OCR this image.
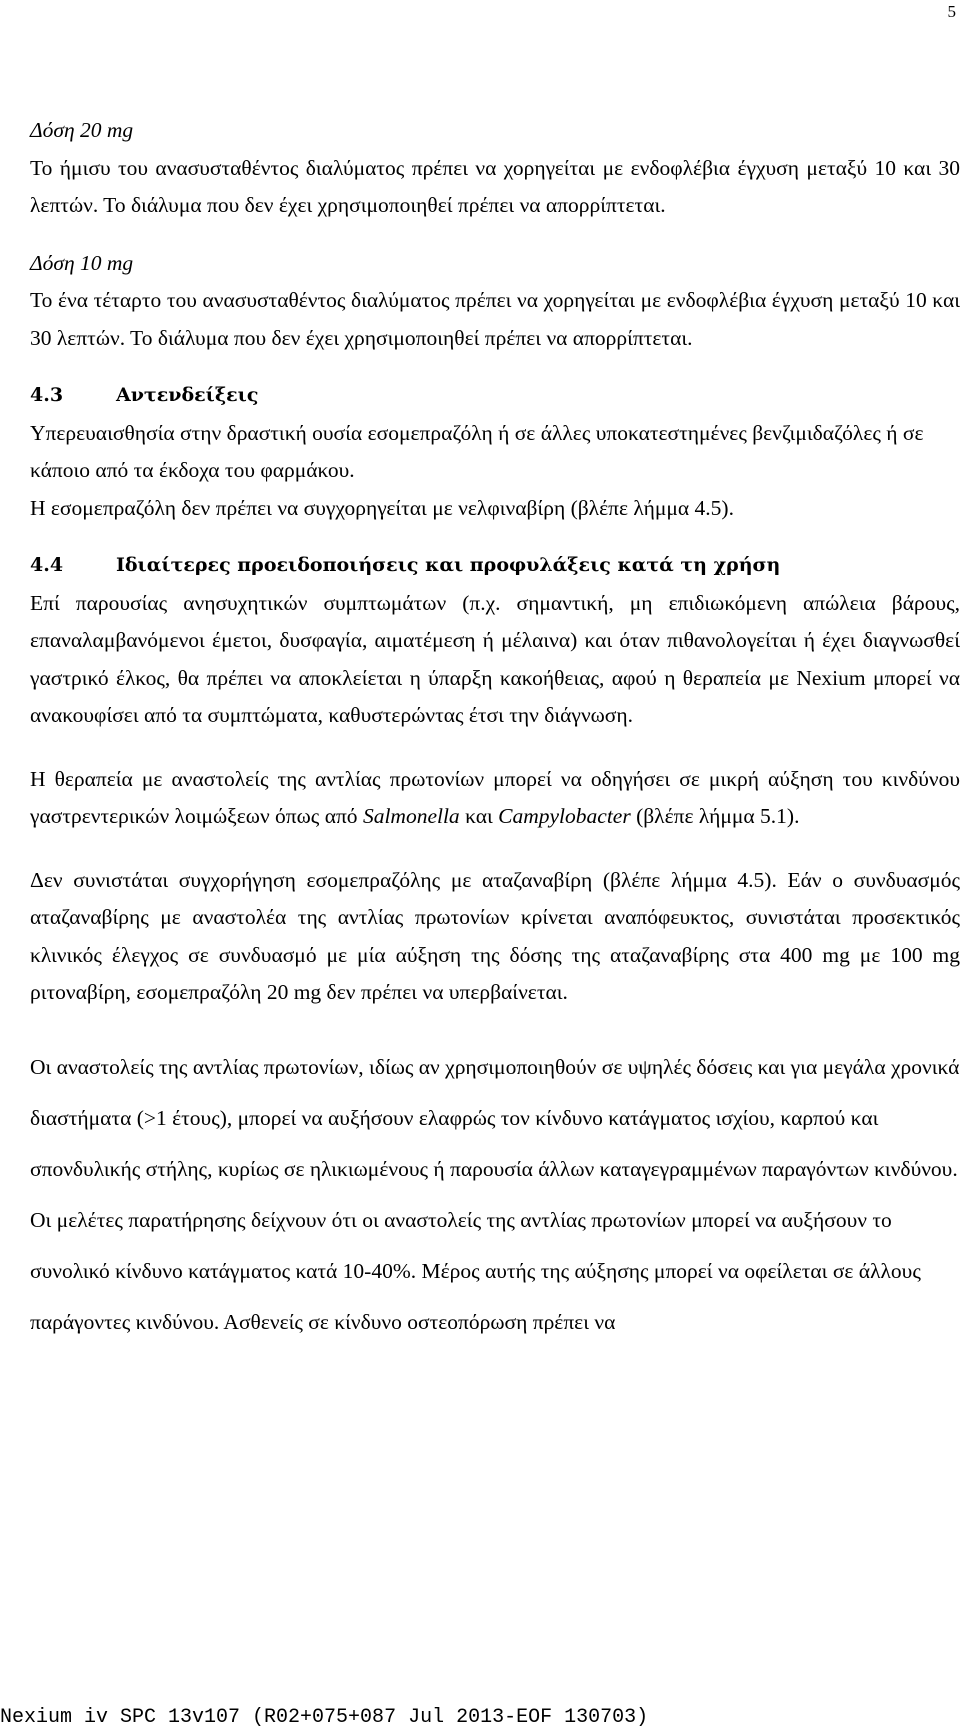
5

Δόση 20 mg

Το ήμισυ του ανασυσταθέντος διαλύματος πρέπει να χορηγείται με ενδοφλέβια έγχυση μεταξύ 10 και 30 λεπτών. Το διάλυμα που δεν έχει χρησιμοποιηθεί πρέπει να απορρίπτεται.

Δόση 10 mg

Το ένα τέταρτο του ανασυσταθέντος διαλύματος πρέπει να χορηγείται με ενδοφλέβια έγχυση μεταξύ 10 και 30 λεπτών. Το διάλυμα που δεν έχει χρησιμοποιηθεί πρέπει να απορρίπτεται.

4.3	Αντενδείξεις

Υπερευαισθησία στην δραστική ουσία εσομεπραζόλη ή σε άλλες υποκατεστημένες βενζιμιδαζόλες ή σε κάποιο από τα έκδοχα του φαρμάκου.

Η εσομεπραζόλη δεν πρέπει να συγχορηγείται με νελφιναβίρη (βλέπε λήμμα 4.5).

4.4	Ιδιαίτερες προειδοποιήσεις και προφυλάξεις κατά τη χρήση

Επί παρουσίας ανησυχητικών συμπτωμάτων (π.χ. σημαντική, μη επιδιωκόμενη απώλεια βάρους, επαναλαμβανόμενοι έμετοι, δυσφαγία, αιματέμεση ή μέλαινα) και όταν πιθανολογείται ή έχει διαγνωσθεί γαστρικό έλκος, θα πρέπει να αποκλείεται η ύπαρξη κακοήθειας, αφού η θεραπεία με Nexium μπορεί να ανακουφίσει από τα συμπτώματα, καθυστερώντας έτσι την διάγνωση.

Η θεραπεία με αναστολείς της αντλίας πρωτονίων μπορεί να οδηγήσει σε μικρή αύξηση του κινδύνου γαστρεντερικών λοιμώξεων όπως από Salmonella και Campylobacter (βλέπε λήμμα 5.1).

Δεν συνιστάται συγχορήγηση εσομεπραζόλης με αταζαναβίρη (βλέπε λήμμα 4.5). Εάν ο συνδυασμός αταζαναβίρης με αναστολέα της αντλίας πρωτονίων κρίνεται αναπόφευκτος, συνιστάται προσεκτικός κλινικός έλεγχος σε συνδυασμό με μία αύξηση της δόσης της αταζαναβίρης στα 400 mg με 100 mg ριτοναβίρη, εσομεπραζόλη 20 mg δεν πρέπει να υπερβαίνεται.

Οι αναστολείς της αντλίας πρωτονίων, ιδίως αν χρησιμοποιηθούν σε υψηλές δόσεις και για μεγάλα χρονικά διαστήματα (>1 έτους), μπορεί να αυξήσουν ελαφρώς τον κίνδυνο κατάγματος ισχίου, καρπού και σπονδυλικής στήλης, κυρίως σε ηλικιωμένους ή παρουσία άλλων καταγεγραμμένων παραγόντων κινδύνου. Οι μελέτες παρατήρησης δείχνουν ότι οι αναστολείς της αντλίας πρωτονίων μπορεί να αυξήσουν το συνολικό κίνδυνο κατάγματος κατά 10-40%. Μέρος αυτής της αύξησης μπορεί να οφείλεται σε άλλους παράγοντες κινδύνου. Ασθενείς σε κίνδυνο οστεοπόρωση πρέπει να

Nexium iv SPC 13v107 (R02+075+087 Jul 2013-EOF 130703)
